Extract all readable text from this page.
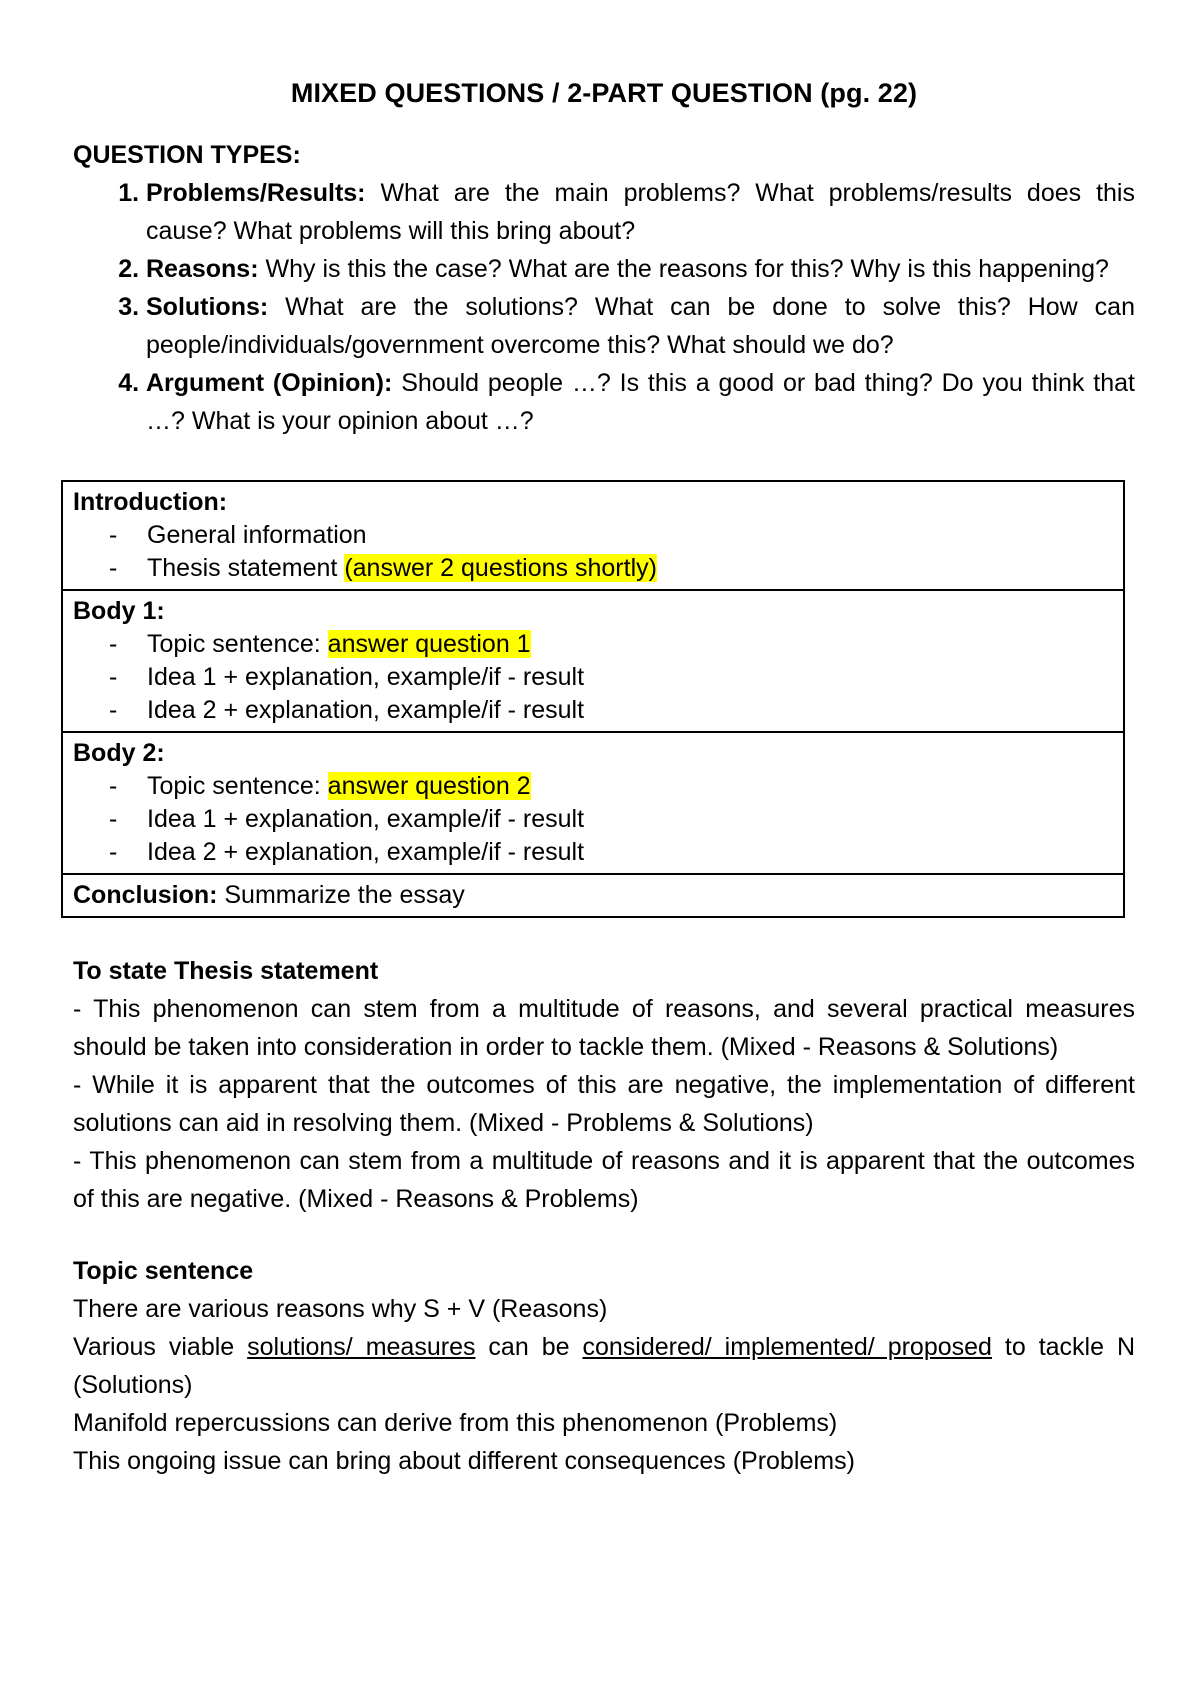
MIXED QUESTIONS / 2-PART QUESTION (pg. 22)

QUESTION TYPES:

1. Problems/Results: What are the main problems? What problems/results does this cause? What problems will this bring about?
2. Reasons: Why is this the case? What are the reasons for this? Why is this happening?
3. Solutions: What are the solutions? What can be done to solve this? How can people/individuals/government overcome this? What should we do?
4. Argument (Opinion): Should people …? Is this a good or bad thing? Do you think that …? What is your opinion about …?
Introduction:
- General information
- Thesis statement (answer 2 questions shortly)

Body 1:
- Topic sentence: answer question 1
- Idea 1 + explanation, example/if - result
- Idea 2 + explanation, example/if - result

Body 2:
- Topic sentence: answer question 2
- Idea 1 + explanation, example/if - result
- Idea 2 + explanation, example/if - result

Conclusion: Summarize the essay

To state Thesis statement

- This phenomenon can stem from a multitude of reasons, and several practical measures should be taken into consideration in order to tackle them. (Mixed - Reasons & Solutions)

- While it is apparent that the outcomes of this are negative, the implementation of different solutions can aid in resolving them. (Mixed - Problems & Solutions)

- This phenomenon can stem from a multitude of reasons and it is apparent that the outcomes of this are negative. (Mixed - Reasons & Problems)

Topic sentence

There are various reasons why S + V (Reasons)

Various viable solutions/ measures can be considered/ implemented/ proposed to tackle N (Solutions)

Manifold repercussions can derive from this phenomenon (Problems)

This ongoing issue can bring about different consequences (Problems)
